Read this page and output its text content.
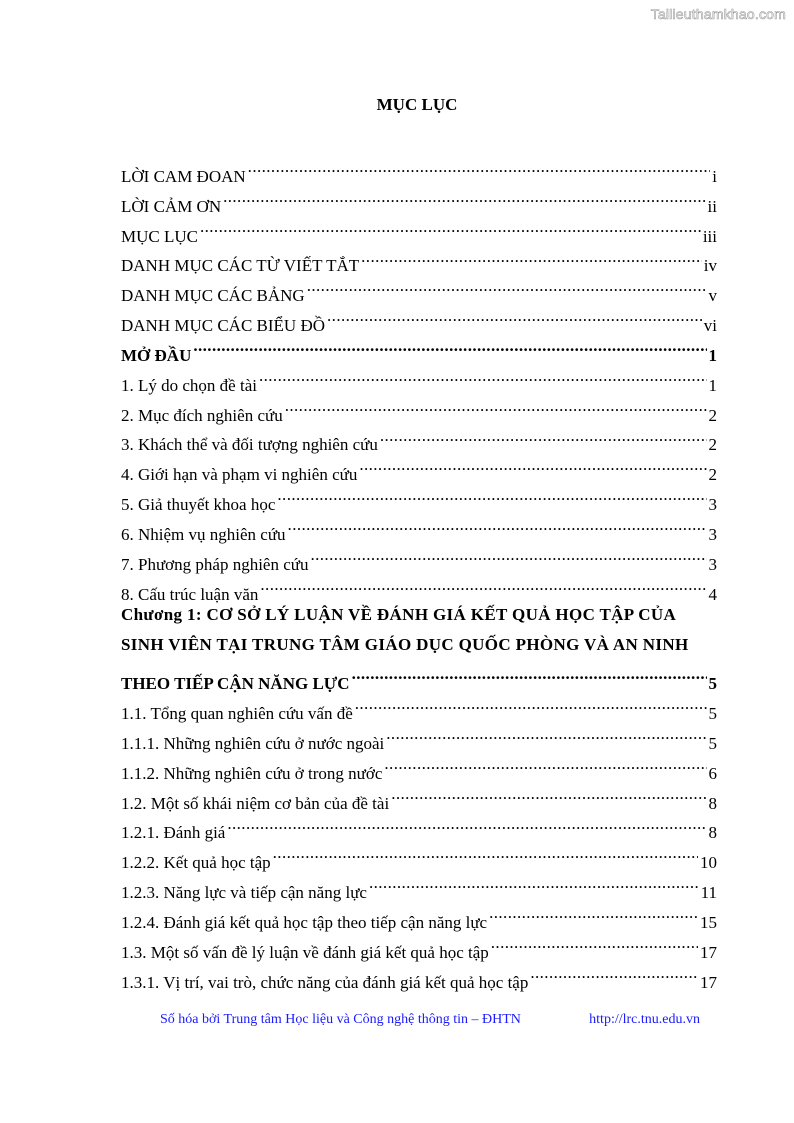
Tailieuthamkhao.com
MỤC LỤC
LỜI CAM ĐOAN .....	i
LỜI CẢM ƠN .....	ii
MỤC LỤC .....	iii
DANH MỤC CÁC TỪ VIẾT TẮT .....	iv
DANH MỤC CÁC BẢNG .....	v
DANH MỤC CÁC BIỂU ĐỒ .....	vi
MỞ ĐẦU .....	1
1. Lý do chọn đề tài .....	1
2. Mục đích nghiên cứu .....	2
3. Khách thể và đối tượng nghiên cứu .....	2
4. Giới hạn và phạm vi nghiên cứu .....	2
5. Giả thuyết khoa học .....	3
6. Nhiệm vụ nghiên cứu .....	3
7. Phương pháp nghiên cứu .....	3
8. Cấu trúc luận văn .....	4
Chương 1: CƠ SỞ LÝ LUẬN VỀ ĐÁNH GIÁ KẾT QUẢ HỌC TẬP CỦA
SINH VIÊN TẠI TRUNG TÂM GIÁO DỤC QUỐC PHÒNG VÀ AN NINH
THEO TIẾP CẬN NĂNG LỰC .....	5
1.1. Tổng quan nghiên cứu vấn đề .....	5
1.1.1. Những nghiên cứu ở nước ngoài .....	5
1.1.2. Những nghiên cứu ở trong nước .....	6
1.2. Một số khái niệm cơ bản của đề tài .....	8
1.2.1. Đánh giá .....	8
1.2.2. Kết quả học tập .....	10
1.2.3. Năng lực và tiếp cận năng lực .....	11
1.2.4. Đánh giá kết quả học tập theo tiếp cận năng lực .....	15
1.3. Một số vấn đề lý luận về đánh giá kết quả học tập .....	17
1.3.1. Vị trí, vai trò, chức năng của đánh giá kết quả học tập .....	17
Số hóa bởi Trung tâm Học liệu và Công nghệ thông tin – ĐHTN	http://lrc.tnu.edu.vn
